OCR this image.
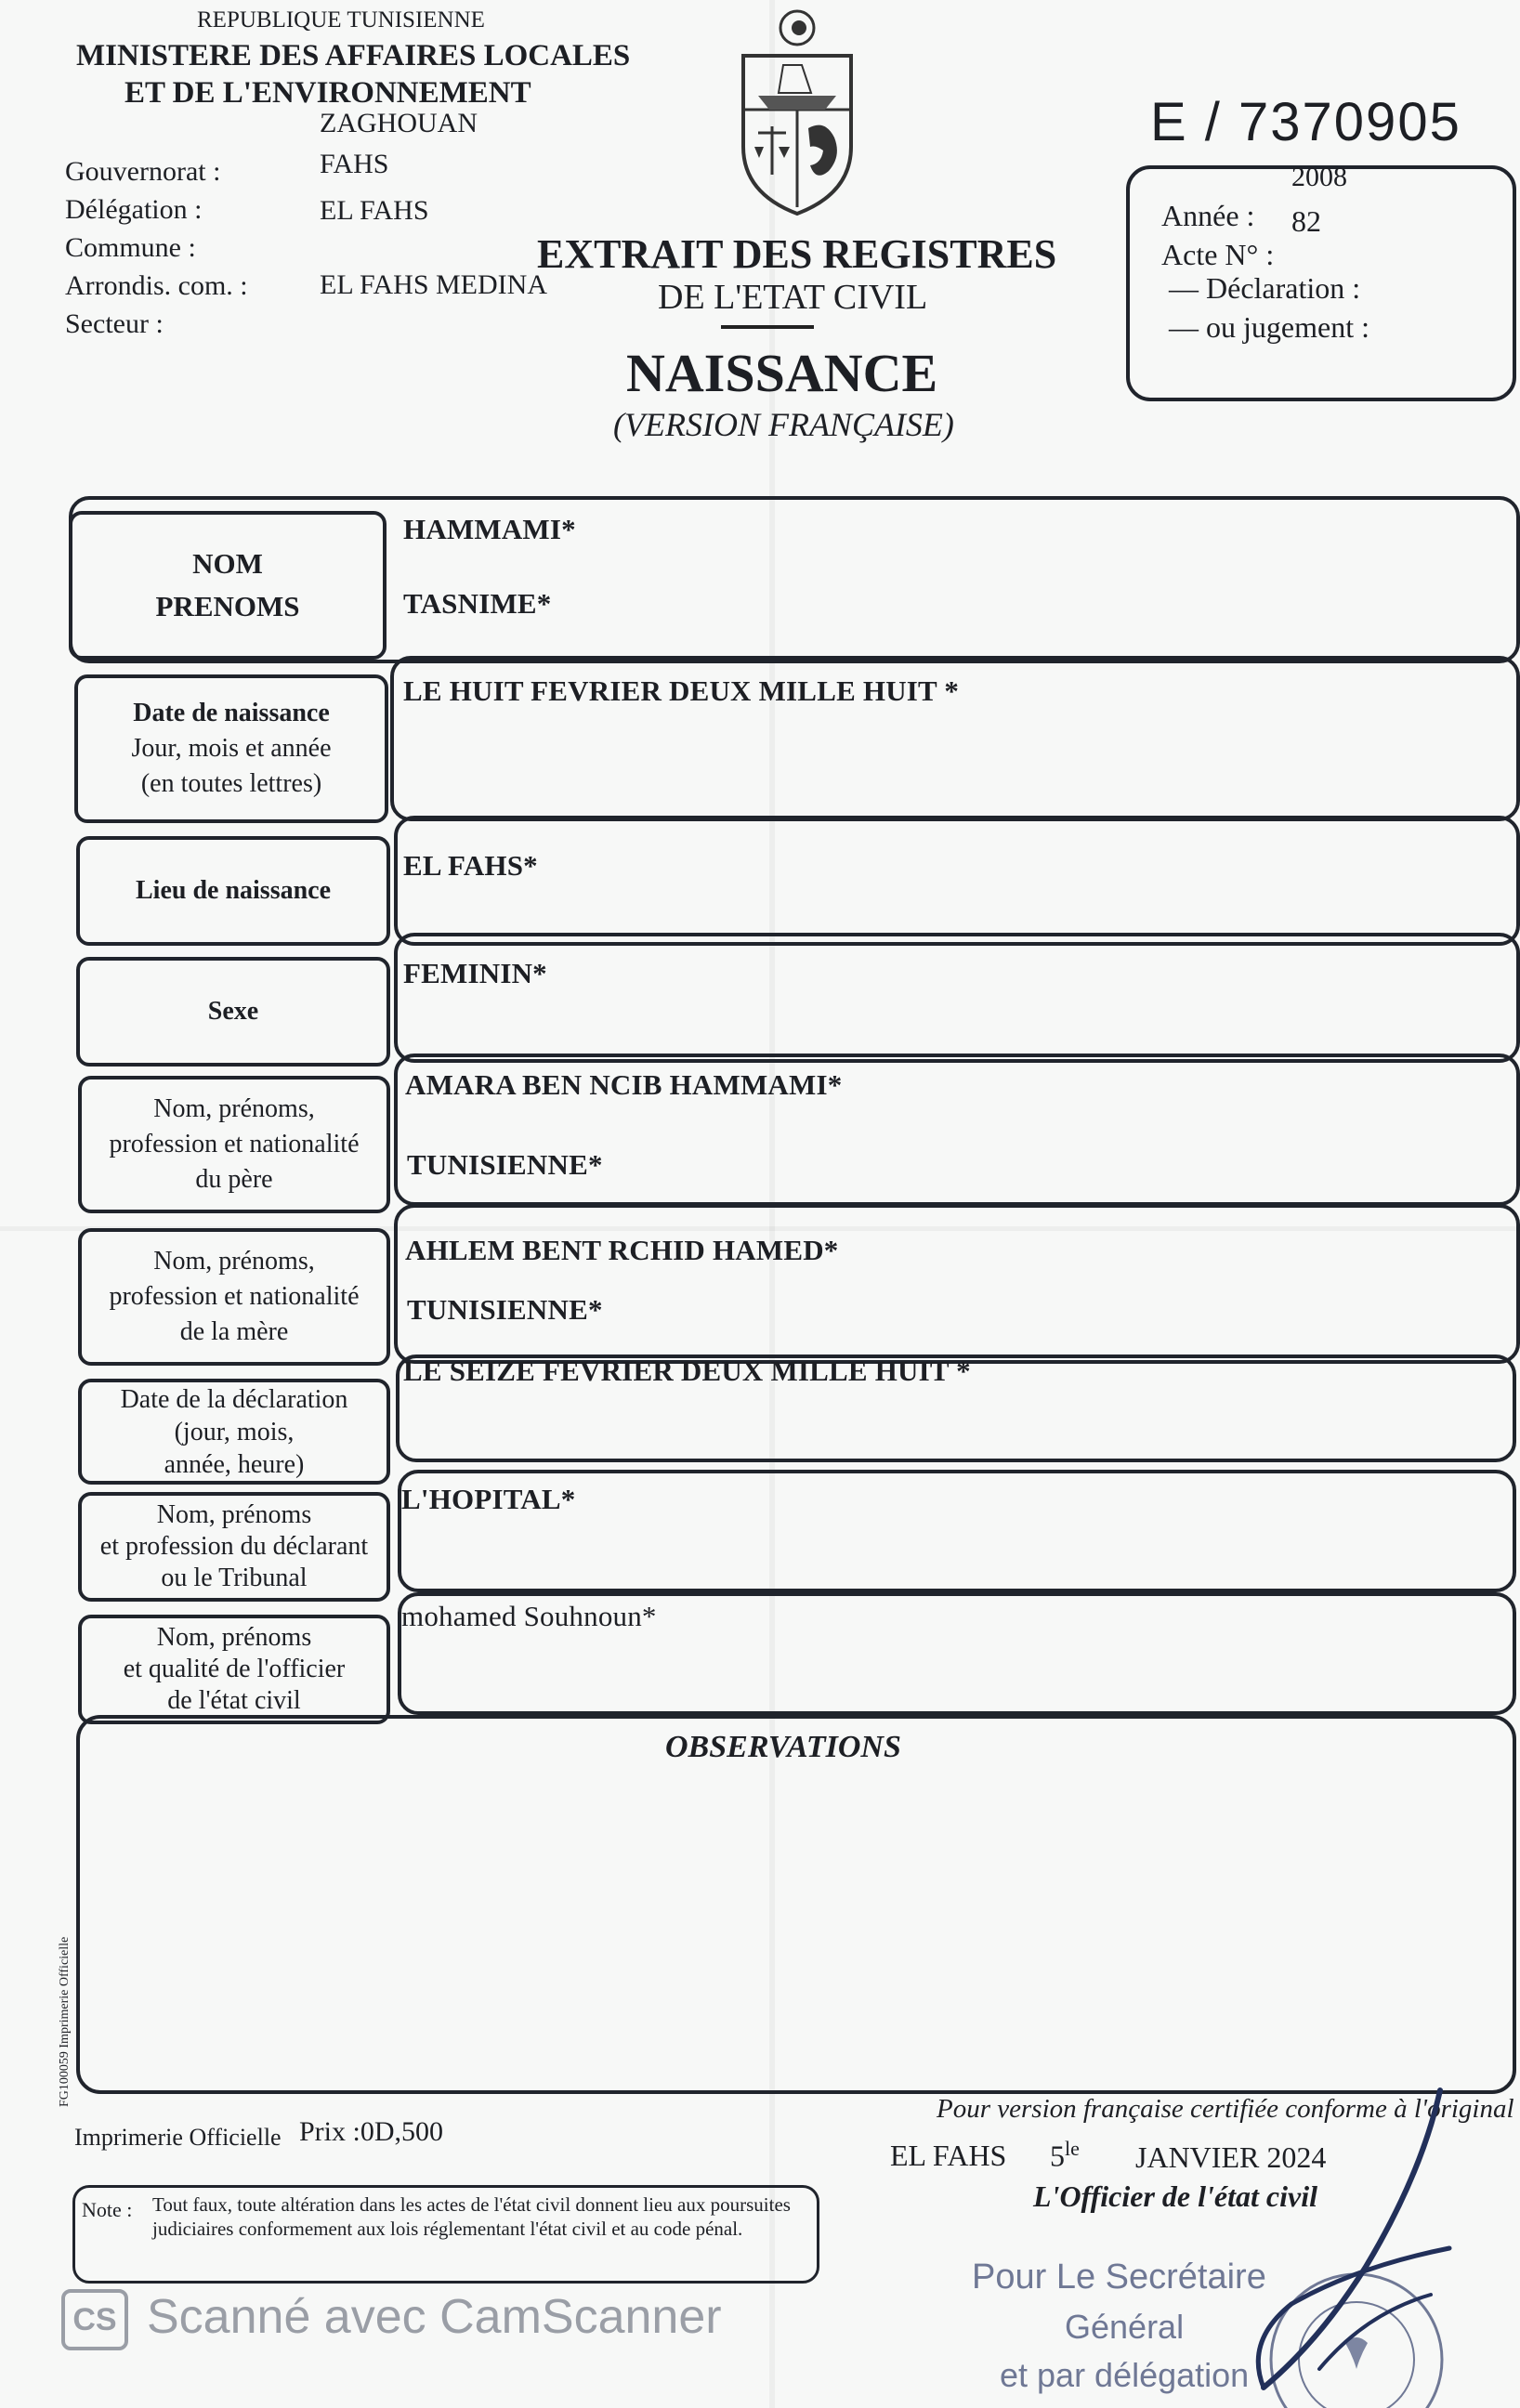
REPUBLIQUE TUNISIENNE
MINISTERE DES AFFAIRES LOCALES
ET DE L'ENVIRONNEMENT
Gouvernorat :
Délégation :
Commune :
Arrondis. com. :
Secteur :
ZAGHOUAN
FAHS
EL FAHS
EL FAHS MEDINA
EXTRAIT DES REGISTRES
DE L'ETAT CIVIL
NAISSANCE
(VERSION FRANÇAISE)
E / 7370905
2008
Année : 82
Acte N° :
— Déclaration :
— ou jugement :
NOM
PRENOMS
HAMMAMI*
TASNIME*
Date de naissance
Jour, mois et année
(en toutes lettres)
LE HUIT FEVRIER DEUX MILLE HUIT *
Lieu de naissance
EL FAHS*
Sexe
FEMININ*
Nom, prénoms,
profession et nationalité
du père
AMARA BEN NCIB HAMMAMI*
TUNISIENNE*
Nom, prénoms,
profession et nationalité
de la mère
AHLEM BENT RCHID HAMED*
TUNISIENNE*
Date de la déclaration
(jour, mois,
année, heure)
LE SEIZE FEVRIER DEUX MILLE HUIT *
Nom, prénoms
et profession du déclarant
ou le Tribunal
L'HOPITAL*
Nom, prénoms
et qualité de l'officier
de l'état civil
mohamed Souhnoun*
OBSERVATIONS
FG100059 Imprimerie Officielle
Imprimerie Officielle Prix :0D,500
Pour version française certifiée conforme à l'original
EL FAHS $5^{le}$ JANVIER 2024
L'Officier de l'état civil
Note : Tout faux, toute altération dans les actes de l'état civil donnent lieu aux poursuites judiciaires conformement aux lois réglementant l'état civil et au code pénal.
Pour Le Secrétaire
Général
et par délégation
CS Scanné avec CamScanner
